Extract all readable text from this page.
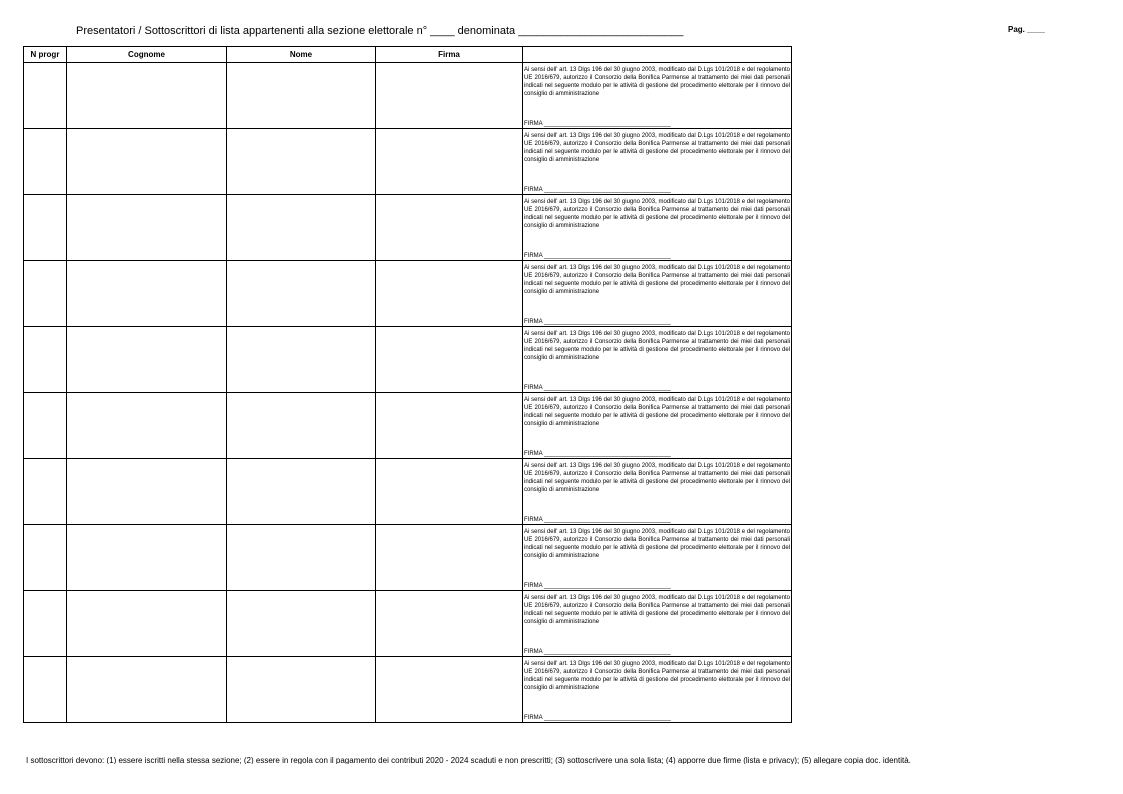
Presentatori / Sottoscrittori di lista appartenenti alla sezione elettorale n° ____ denominata ___________________________	Pag. ____
N progr	Cognome	Nome	Firma	

				Ai sensi dell' art. 13 Dlgs 196 del 30 giugno 2003, modificato dal D.Lgs 101/2018 e del regolamento UE 2016/679, autorizzo il Consorzio della Bonifica Parmense al trattamento dei miei dati personali indicati nel seguente modulo per le attività di gestione del procedimento elettorale per il rinnovo del consiglio di amministrazione
FIRMA ______________________________________

				Ai sensi dell' art. 13 Dlgs 196 del 30 giugno 2003, modificato dal D.Lgs 101/2018 e del regolamento UE 2016/679, autorizzo il Consorzio della Bonifica Parmense al trattamento dei miei dati personali indicati nel seguente modulo per le attività di gestione del procedimento elettorale per il rinnovo del consiglio di amministrazione
FIRMA ______________________________________

				Ai sensi dell' art. 13 Dlgs 196 del 30 giugno 2003, modificato dal D.Lgs 101/2018 e del regolamento UE 2016/679, autorizzo il Consorzio della Bonifica Parmense al trattamento dei miei dati personali indicati nel seguente modulo per le attività di gestione del procedimento elettorale per il rinnovo del consiglio di amministrazione
FIRMA ______________________________________

				Ai sensi dell' art. 13 Dlgs 196 del 30 giugno 2003, modificato dal D.Lgs 101/2018 e del regolamento UE 2016/679, autorizzo il Consorzio della Bonifica Parmense al trattamento dei miei dati personali indicati nel seguente modulo per le attività di gestione del procedimento elettorale per il rinnovo del consiglio di amministrazione
FIRMA ______________________________________

				Ai sensi dell' art. 13 Dlgs 196 del 30 giugno 2003, modificato dal D.Lgs 101/2018 e del regolamento UE 2016/679, autorizzo il Consorzio della Bonifica Parmense al trattamento dei miei dati personali indicati nel seguente modulo per le attività di gestione del procedimento elettorale per il rinnovo del consiglio di amministrazione
FIRMA ______________________________________

				Ai sensi dell' art. 13 Dlgs 196 del 30 giugno 2003, modificato dal D.Lgs 101/2018 e del regolamento UE 2016/679, autorizzo il Consorzio della Bonifica Parmense al trattamento dei miei dati personali indicati nel seguente modulo per le attività di gestione del procedimento elettorale per il rinnovo del consiglio di amministrazione
FIRMA ______________________________________

				Ai sensi dell' art. 13 Dlgs 196 del 30 giugno 2003, modificato dal D.Lgs 101/2018 e del regolamento UE 2016/679, autorizzo il Consorzio della Bonifica Parmense al trattamento dei miei dati personali indicati nel seguente modulo per le attività di gestione del procedimento elettorale per il rinnovo del consiglio di amministrazione
FIRMA ______________________________________

				Ai sensi dell' art. 13 Dlgs 196 del 30 giugno 2003, modificato dal D.Lgs 101/2018 e del regolamento UE 2016/679, autorizzo il Consorzio della Bonifica Parmense al trattamento dei miei dati personali indicati nel seguente modulo per le attività di gestione del procedimento elettorale per il rinnovo del consiglio di amministrazione
FIRMA ______________________________________

				Ai sensi dell' art. 13 Dlgs 196 del 30 giugno 2003, modificato dal D.Lgs 101/2018 e del regolamento UE 2016/679, autorizzo il Consorzio della Bonifica Parmense al trattamento dei miei dati personali indicati nel seguente modulo per le attività di gestione del procedimento elettorale per il rinnovo del consiglio di amministrazione
FIRMA ______________________________________

				Ai sensi dell' art. 13 Dlgs 196 del 30 giugno 2003, modificato dal D.Lgs 101/2018 e del regolamento UE 2016/679, autorizzo il Consorzio della Bonifica Parmense al trattamento dei miei dati personali indicati nel seguente modulo per le attività di gestione del procedimento elettorale per il rinnovo del consiglio di amministrazione
FIRMA ______________________________________
I sottoscrittori devono: (1) essere iscritti nella stessa sezione; (2) essere in regola con il pagamento dei contributi 2020 - 2024 scaduti e non prescritti; (3) sottoscrivere una sola lista; (4) apporre due firme (lista e privacy); (5) allegare copia doc. identità.
